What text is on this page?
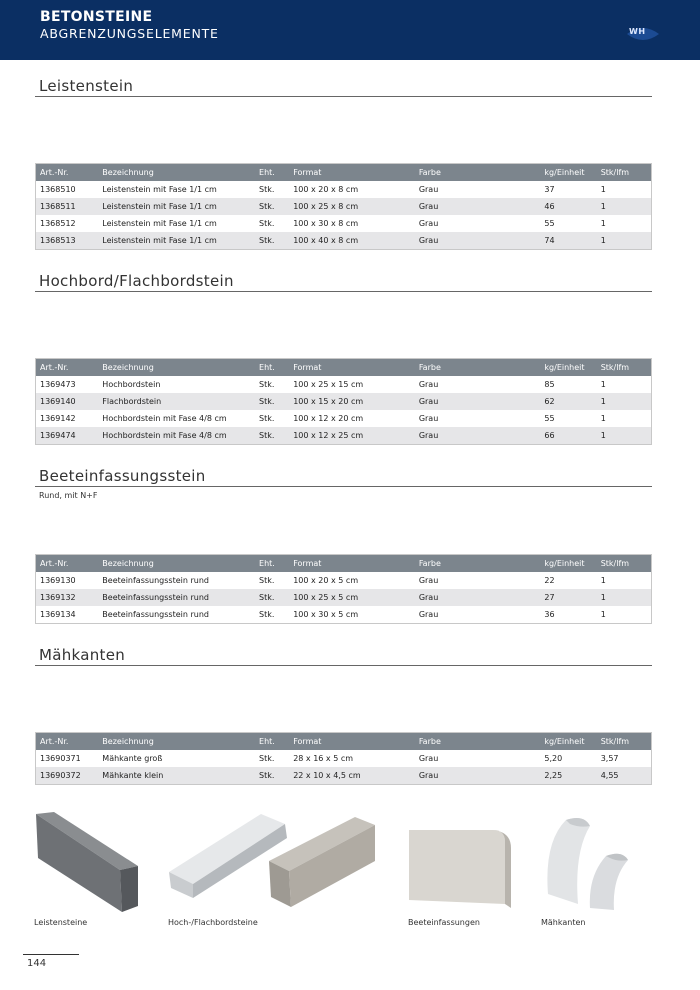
BETONSTEINE
ABGRENZUNGSELEMENTE	WH
Leistenstein
Art.-Nr.	Bezeichnung	Eht.	Format	Farbe	kg/Einheit	Stk/lfm
1368510	Leistenstein mit Fase 1/1 cm	Stk.	100 x 20 x 8 cm	Grau	37	1
1368511	Leistenstein mit Fase 1/1 cm	Stk.	100 x 25 x 8 cm	Grau	46	1
1368512	Leistenstein mit Fase 1/1 cm	Stk.	100 x 30 x 8 cm	Grau	55	1
1368513	Leistenstein mit Fase 1/1 cm	Stk.	100 x 40 x 8 cm	Grau	74	1
Hochbord/Flachbordstein
Art.-Nr.	Bezeichnung	Eht.	Format	Farbe	kg/Einheit	Stk/lfm
1369473	Hochbordstein	Stk.	100 x 25 x 15 cm	Grau	85	1
1369140	Flachbordstein	Stk.	100 x 15 x 20 cm	Grau	62	1
1369142	Hochbordstein mit Fase 4/8 cm	Stk.	100 x 12 x 20 cm	Grau	55	1
1369474	Hochbordstein mit Fase 4/8 cm	Stk.	100 x 12 x 25 cm	Grau	66	1
Beeteinfassungsstein
Rund, mit N+F
Art.-Nr.	Bezeichnung	Eht.	Format	Farbe	kg/Einheit	Stk/lfm
1369130	Beeteinfassungsstein rund	Stk.	100 x 20 x 5 cm	Grau	22	1
1369132	Beeteinfassungsstein rund	Stk.	100 x 25 x 5 cm	Grau	27	1
1369134	Beeteinfassungsstein rund	Stk.	100 x 30 x 5 cm	Grau	36	1
Mähkanten
Art.-Nr.	Bezeichnung	Eht.	Format	Farbe	kg/Einheit	Stk/lfm
13690371	Mähkante groß	Stk.	28 x 16 x 5 cm	Grau	5,20	3,57
13690372	Mähkante klein	Stk.	22 x 10 x 4,5 cm	Grau	2,25	4,55
Leistensteine	Hoch-/Flachbordsteine	Beeteinfassungen	Mähkanten
144
